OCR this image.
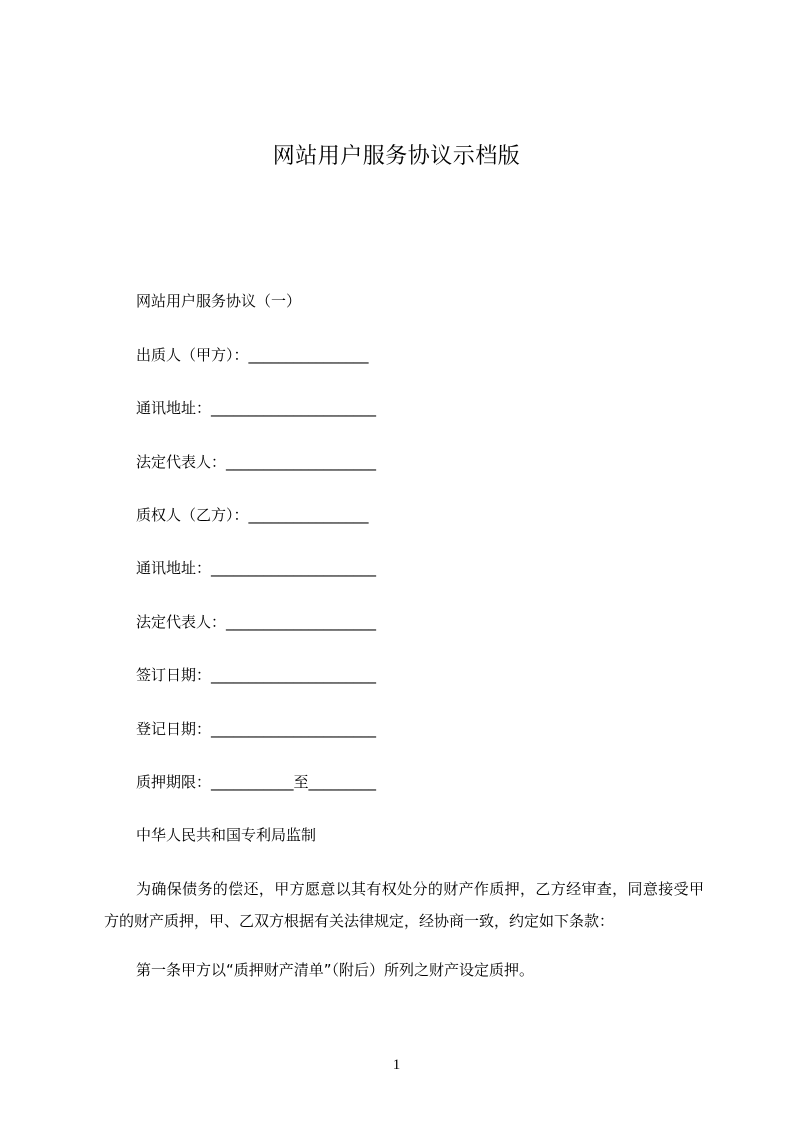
网站用户服务协议示档版
网站用户服务协议（一）
出质人（甲方）：________________
通讯地址：______________________
法定代表人：____________________
质权人（乙方）：________________
通讯地址：______________________
法定代表人：____________________
签订日期：______________________
登记日期：______________________
质押期限：___________至_________
中华人民共和国专利局监制
为确保债务的偿还，甲方愿意以其有权处分的财产作质押，乙方经审查，同意接受甲方的财产质押，甲、乙双方根据有关法律规定，经协商一致，约定如下条款：
第一条甲方以“质押财产清单”（附后）所列之财产设定质押。
1
